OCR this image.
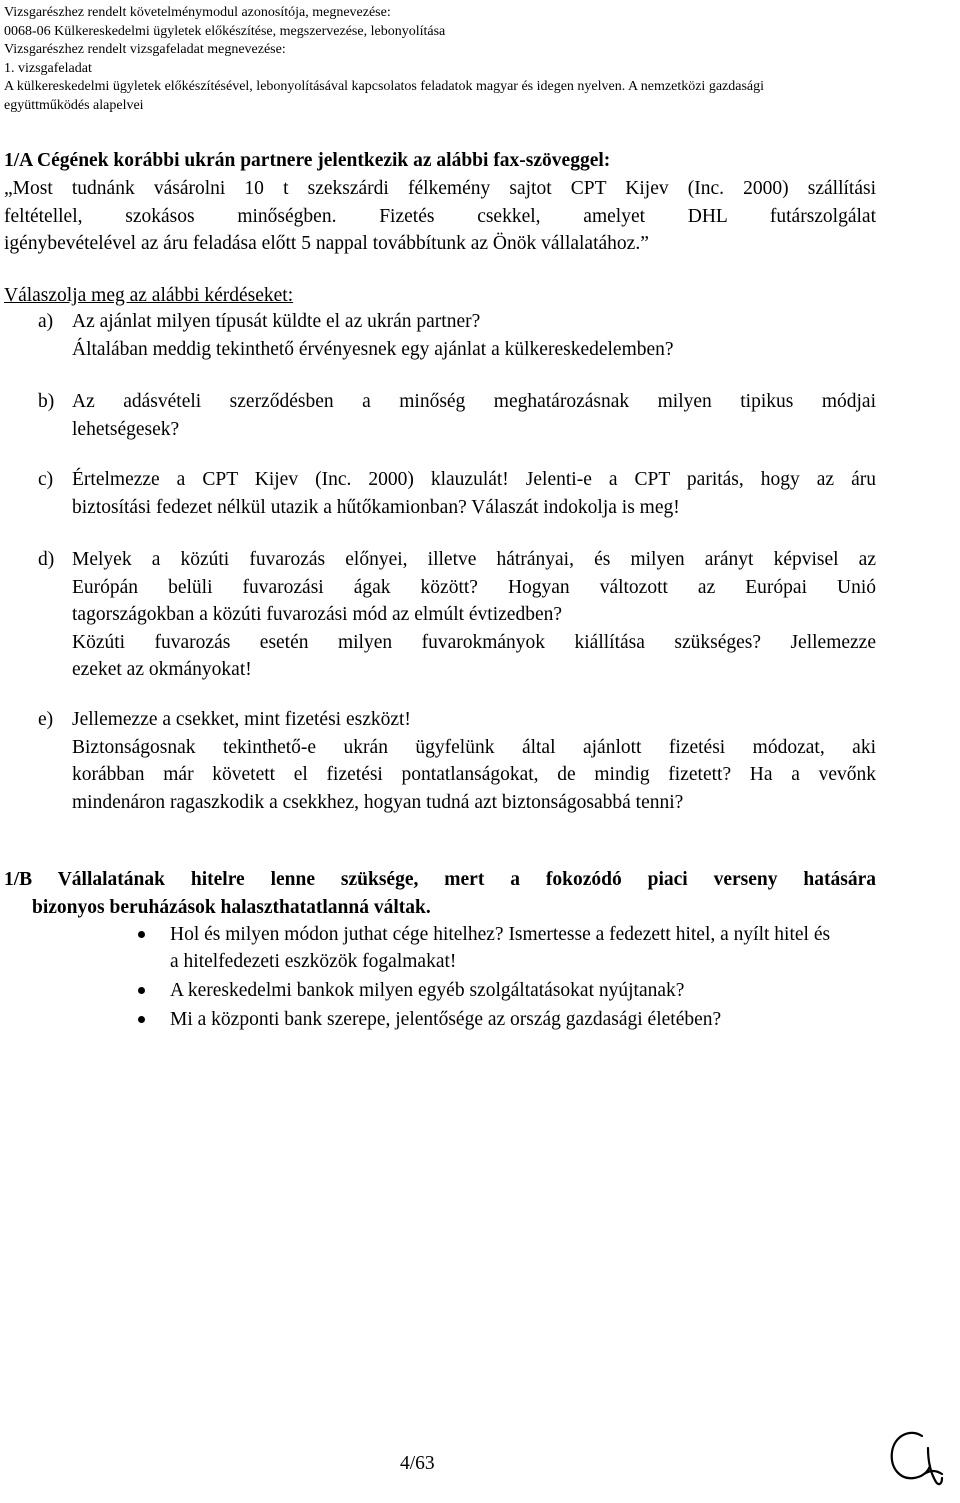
Vizsgarészhez rendelt követelménymodul azonosítója, megnevezése:
0068-06 Külkereskedelmi ügyletek előkészítése, megszervezése, lebonyolítása
Vizsgarészhez rendelt vizsgafeladat megnevezése:
1. vizsgafeladat
A külkereskedelmi ügyletek előkészítésével, lebonyolításával kapcsolatos feladatok magyar és idegen nyelven. A nemzetközi gazdasági
együttműködés alapelvei
1/A Cégének korábbi ukrán partnere jelentkezik az alábbi fax-szöveggel:
„Most tudnánk vásárolni 10 t szekszárdi félkemény sajtot CPT Kijev (Inc. 2000) szállítási
feltétellel, szokásos minőségben. Fizetés csekkel, amelyet DHL futárszolgálat
igénybevételével az áru feladása előtt 5 nappal továbbítunk az Önök vállalatához.”
Válaszolja meg az alábbi kérdéseket:
a) Az ajánlat milyen típusát küldte el az ukrán partner?
Általában meddig tekinthető érvényesnek egy ajánlat a külkereskedelemben?
b) Az adásvételi szerződésben a minőség meghatározásnak milyen tipikus módjai
lehetségesek?
c) Értelmezze a CPT Kijev (Inc. 2000) klauzulát! Jelenti-e a CPT paritás, hogy az áru
biztosítási fedezet nélkül utazik a hűtőkamionban? Válaszát indokolja is meg!
d) Melyek a közúti fuvarozás előnyei, illetve hátrányai, és milyen arányt képvisel az
Európán belüli fuvarozási ágak között? Hogyan változott az Európai Unió
tagországokban a közúti fuvarozási mód az elmúlt évtizedben?
Közúti fuvarozás esetén milyen fuvarokmányok kiállítása szükséges? Jellemezze
ezeket az okmányokat!
e) Jellemezze a csekket, mint fizetési eszközt!
Biztonságosnak tekinthető-e ukrán ügyfelünk által ajánlott fizetési módozat, aki
korábban már követett el fizetési pontatlanságokat, de mindig fizetett? Ha a vevőnk
mindenáron ragaszkodik a csekkhez, hogyan tudná azt biztonságosabbá tenni?
1/B Vállalatának hitelre lenne szüksége, mert a fokozódó piaci verseny hatására
bizonyos beruházások halaszthatatlanná váltak.
Hol és milyen módon juthat cége hitelhez? Ismertesse a fedezett hitel, a nyílt hitel és a hitelfedezeti eszközök fogalmakat!
A kereskedelmi bankok milyen egyéb szolgáltatásokat nyújtanak?
Mi a központi bank szerepe, jelentősége az ország gazdasági életében?
4/63
